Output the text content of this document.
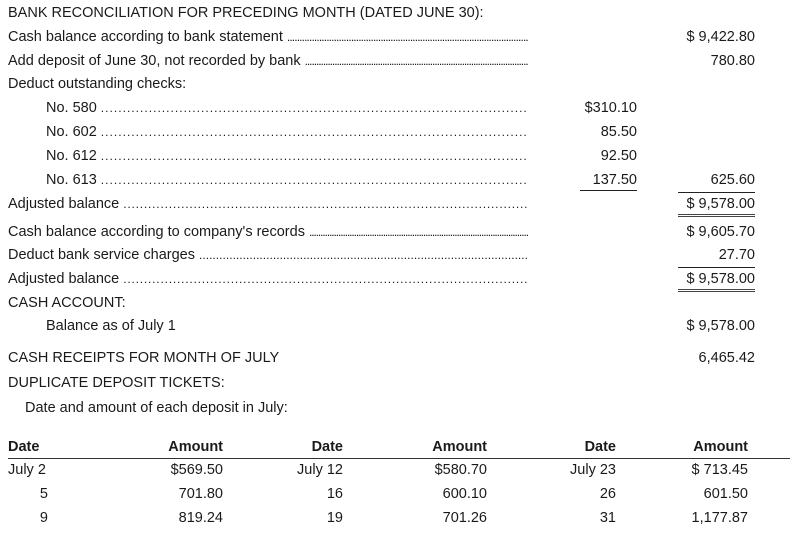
BANK RECONCILIATION FOR PRECEDING MONTH (DATED JUNE 30):
Cash balance according to bank statement ..................................................................................................	$ 9,422.80
Add deposit of June 30, not recorded by bank ..................................................................................................	780.80
Deduct outstanding checks:
No. 580 ..................................................................................................	$310.10
No. 602 ..................................................................................................	85.50
No. 612 ..................................................................................................	92.50
No. 613 ..................................................................................................	137.50	625.60
Adjusted balance ..................................................................................................	$ 9,578.00
Cash balance according to company's records ..................................................................................................	$ 9,605.70
Deduct bank service charges ..................................................................................................	27.70
Adjusted balance ..................................................................................................	$ 9,578.00
CASH ACCOUNT:
Balance as of July 1	$ 9,578.00
CASH RECEIPTS FOR MONTH OF JULY	6,465.42
DUPLICATE DEPOSIT TICKETS:
Date and amount of each deposit in July:
Date	Amount	Date	Amount	Date	Amount
July 2	$569.50	July 12	$580.70	July 23	$ 713.45
5	701.80	16	600.10	26	601.50
9	819.24	19	701.26	31	1,177.87
